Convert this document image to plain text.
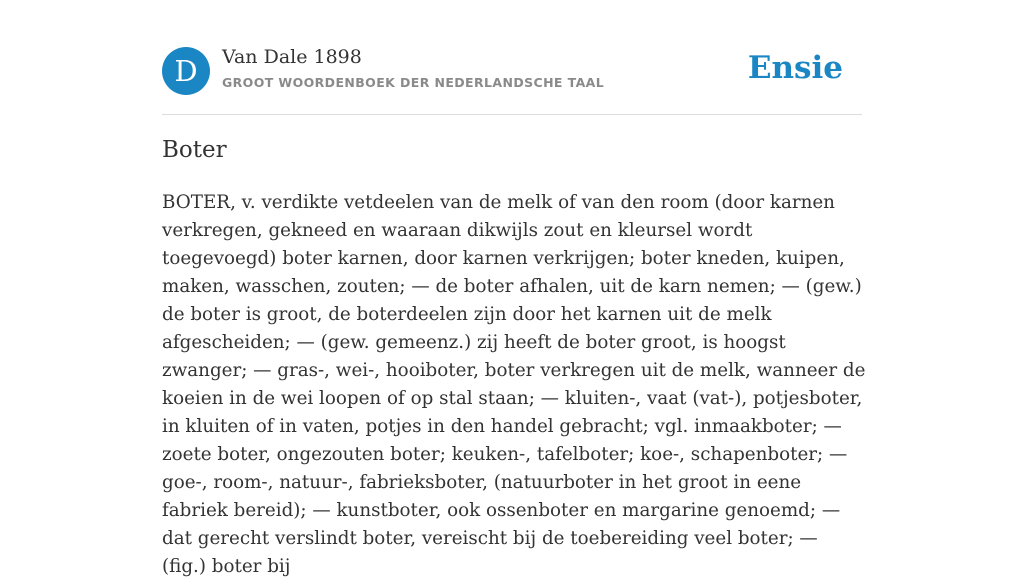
D	Van Dale 1898
GROOT WOORDENBOEK DER NEDERLANDSCHE TAAL	Ensie
Boter

BOTER, v. verdikte vetdeelen van de melk of van den room (door karnen verkregen, gekneed en waaraan dikwijls zout en kleursel wordt toegevoegd) boter karnen, door karnen verkrijgen; boter kneden, kuipen, maken, wasschen, zouten; — de boter afhalen, uit de karn nemen; — (gew.) de boter is groot, de boterdeelen zijn door het karnen uit de melk afgescheiden; — (gew. gemeenz.) zij heeft de boter groot, is hoogst zwanger; — gras-, wei-, hooiboter, boter verkregen uit de melk, wanneer de koeien in de wei loopen of op stal staan; — kluiten-, vaat (vat-), potjesboter, in kluiten of in vaten, potjes in den handel gebracht; vgl. inmaakboter; — zoete boter, ongezouten boter; keuken-, tafelboter; koe-, schapenboter; — goe-, room-, natuur-, fabrieksboter, (natuurboter in het groot in eene fabriek bereid); — kunstboter, ook ossenboter en margarine genoemd; — dat gerecht verslindt boter, vereischt bij de toebereiding veel boter; — (fig.) boter bij
